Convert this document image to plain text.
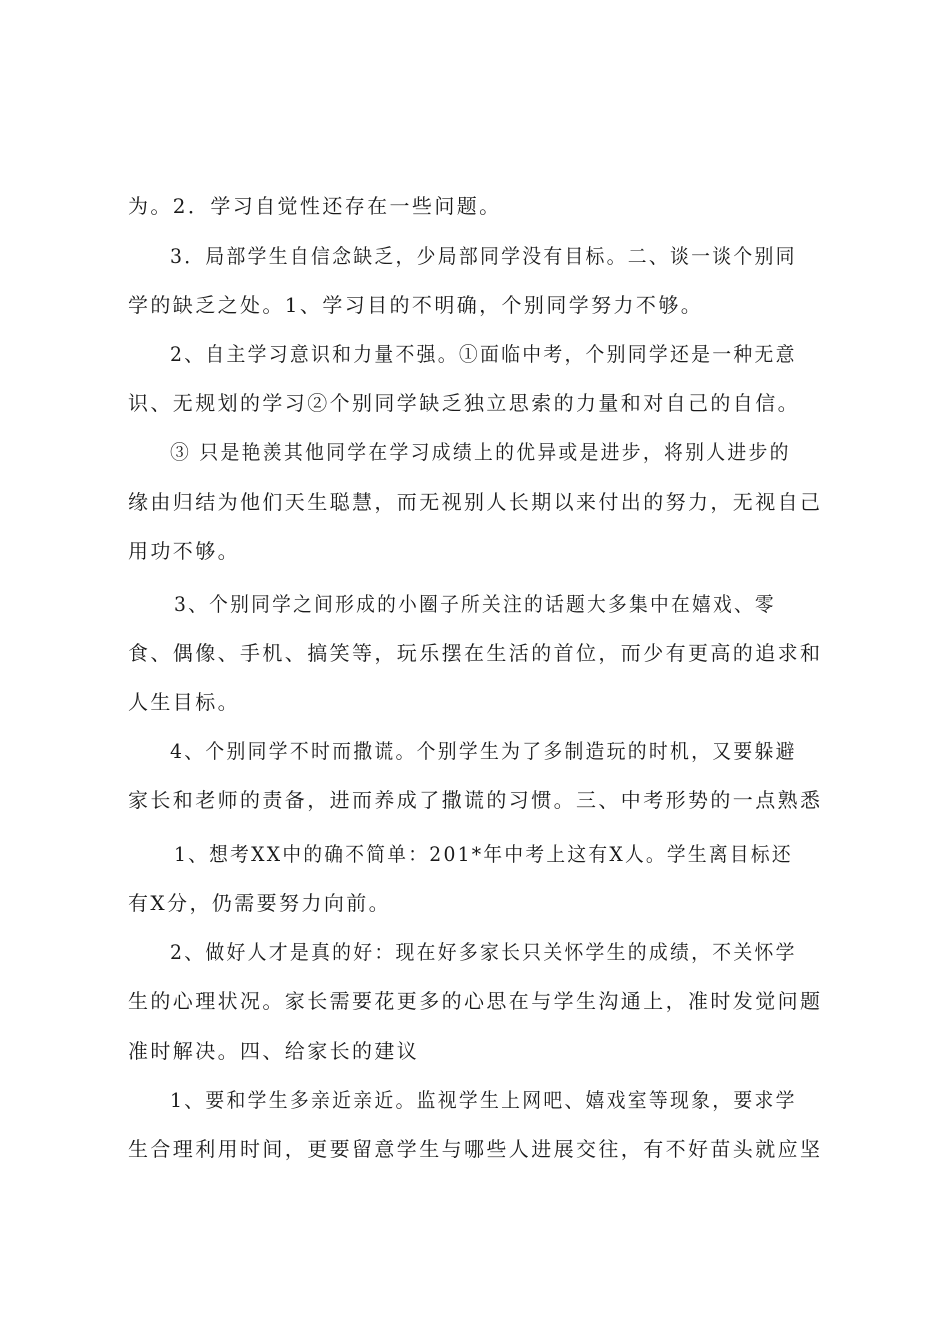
为。2．学习自觉性还存在一些问题。
3．局部学生自信念缺乏，少局部同学没有目标。二、谈一谈个别同
学的缺乏之处。1、学习目的不明确，个别同学努力不够。
2、自主学习意识和力量不强。①面临中考，个别同学还是一种无意
识、无规划的学习②个别同学缺乏独立思索的力量和对自己的自信。
③ 只是艳羡其他同学在学习成绩上的优异或是进步，将别人进步的
缘由归结为他们天生聪慧，而无视别人长期以来付出的努力，无视自己
用功不够。
3、个别同学之间形成的小圈子所关注的话题大多集中在嬉戏、零
食、偶像、手机、搞笑等，玩乐摆在生活的首位，而少有更高的追求和
人生目标。
4、个别同学不时而撒谎。个别学生为了多制造玩的时机，又要躲避
家长和老师的责备，进而养成了撒谎的习惯。三、中考形势的一点熟悉
1、想考XX中的确不简单：201*年中考上这有X人。学生离目标还
有X分，仍需要努力向前。
2、做好人才是真的好：现在好多家长只关怀学生的成绩，不关怀学
生的心理状况。家长需要花更多的心思在与学生沟通上，准时发觉问题
准时解决。四、给家长的建议
1、要和学生多亲近亲近。监视学生上网吧、嬉戏室等现象，要求学
生合理利用时间，更要留意学生与哪些人进展交往，有不好苗头就应坚
